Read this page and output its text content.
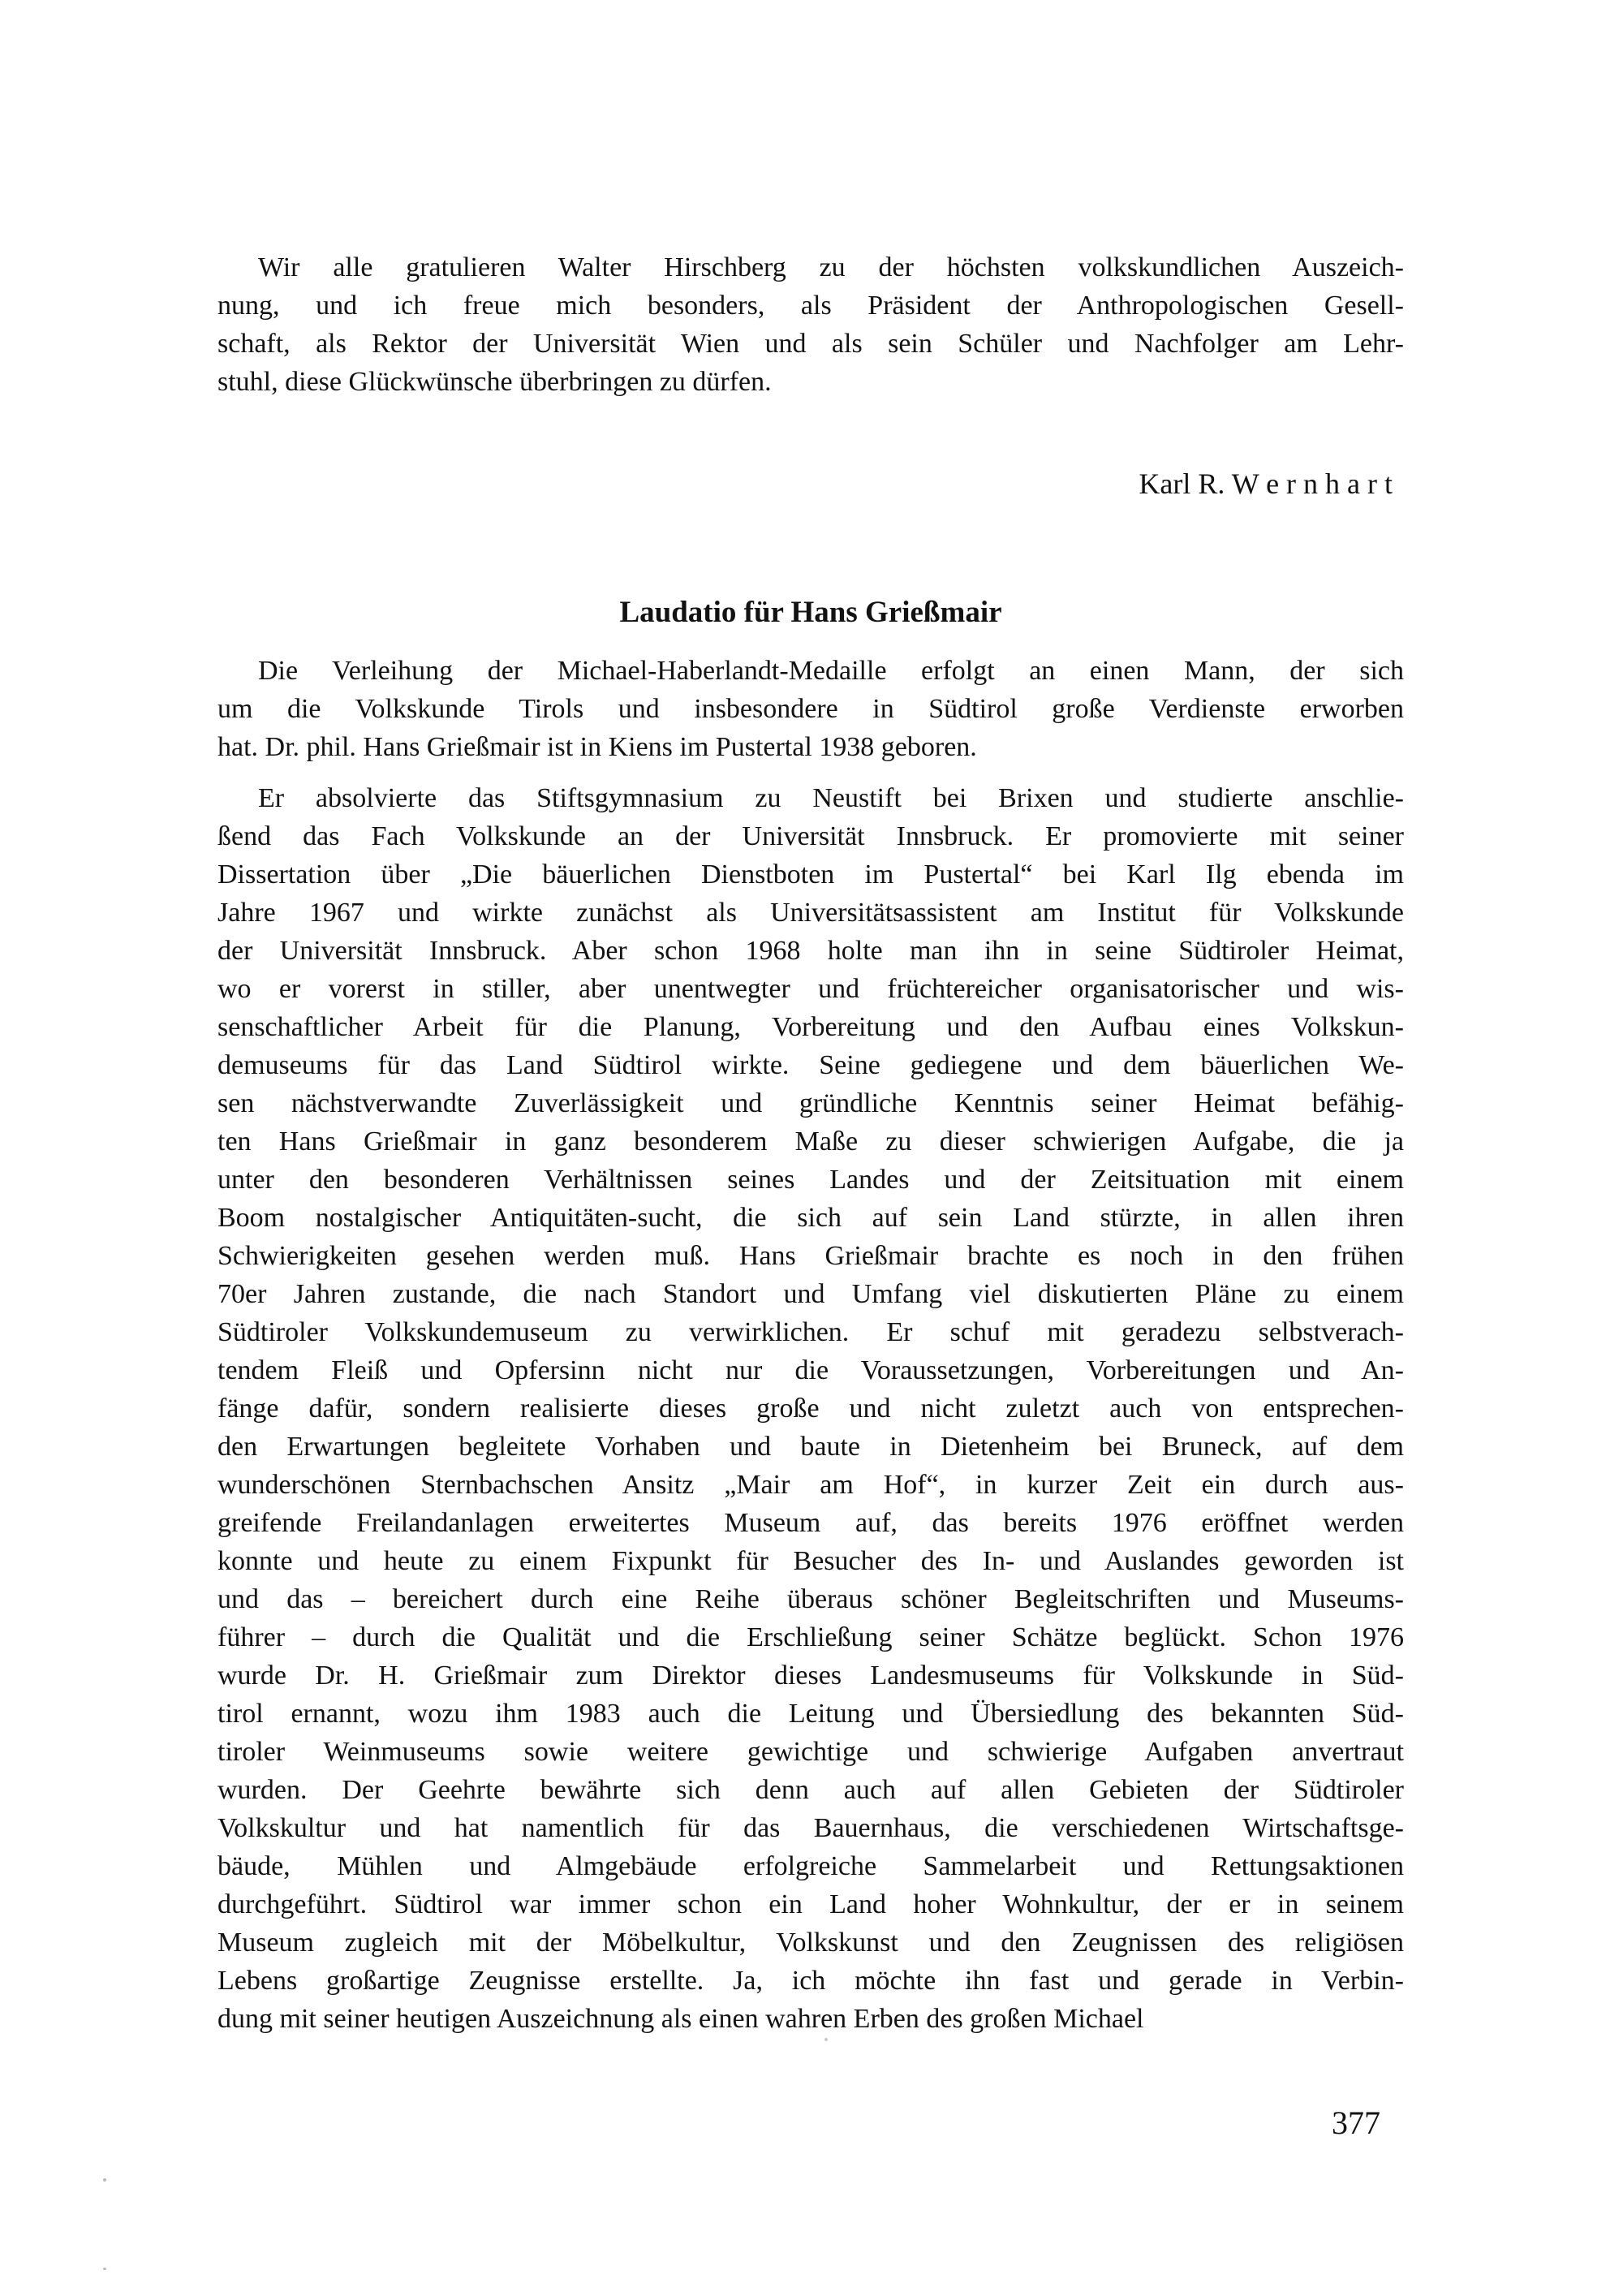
Wir alle gratulieren Walter Hirschberg zu der höchsten volkskundlichen Auszeich-
nung, und ich freue mich besonders, als Präsident der Anthropologischen Gesell-
schaft, als Rektor der Universität Wien und als sein Schüler und Nachfolger am Lehr-
stuhl, diese Glückwünsche überbringen zu dürfen.
Karl R. W e r n h a r t
Laudatio für Hans Grießmair
Die Verleihung der Michael-Haberlandt-Medaille erfolgt an einen Mann, der sich
um die Volkskunde Tirols und insbesondere in Südtirol große Verdienste erworben
hat. Dr. phil. Hans Grießmair ist in Kiens im Pustertal 1938 geboren.
Er absolvierte das Stiftsgymnasium zu Neustift bei Brixen und studierte anschlie-
ßend das Fach Volkskunde an der Universität Innsbruck. Er promovierte mit seiner
Dissertation über „Die bäuerlichen Dienstboten im Pustertal“ bei Karl Ilg ebenda im
Jahre 1967 und wirkte zunächst als Universitätsassistent am Institut für Volkskunde
der Universität Innsbruck. Aber schon 1968 holte man ihn in seine Südtiroler Heimat,
wo er vorerst in stiller, aber unentwegter und früchtereicher organisatorischer und wis-
senschaftlicher Arbeit für die Planung, Vorbereitung und den Aufbau eines Volkskun-
demuseums für das Land Südtirol wirkte. Seine gediegene und dem bäuerlichen We-
sen nächstverwandte Zuverlässigkeit und gründliche Kenntnis seiner Heimat befähig-
ten Hans Grießmair in ganz besonderem Maße zu dieser schwierigen Aufgabe, die ja
unter den besonderen Verhältnissen seines Landes und der Zeitsituation mit einem
Boom nostalgischer Antiquitäten-sucht, die sich auf sein Land stürzte, in allen ihren
Schwierigkeiten gesehen werden muß. Hans Grießmair brachte es noch in den frühen
70er Jahren zustande, die nach Standort und Umfang viel diskutierten Pläne zu einem
Südtiroler Volkskundemuseum zu verwirklichen. Er schuf mit geradezu selbstverach-
tendem Fleiß und Opfersinn nicht nur die Voraussetzungen, Vorbereitungen und An-
fänge dafür, sondern realisierte dieses große und nicht zuletzt auch von entsprechen-
den Erwartungen begleitete Vorhaben und baute in Dietenheim bei Bruneck, auf dem
wunderschönen Sternbachschen Ansitz „Mair am Hof“, in kurzer Zeit ein durch aus-
greifende Freilandanlagen erweitertes Museum auf, das bereits 1976 eröffnet werden
konnte und heute zu einem Fixpunkt für Besucher des In- und Auslandes geworden ist
und das – bereichert durch eine Reihe überaus schöner Begleitschriften und Museums-
führer – durch die Qualität und die Erschließung seiner Schätze beglückt. Schon 1976
wurde Dr. H. Grießmair zum Direktor dieses Landesmuseums für Volkskunde in Süd-
tirol ernannt, wozu ihm 1983 auch die Leitung und Übersiedlung des bekannten Süd-
tiroler Weinmuseums sowie weitere gewichtige und schwierige Aufgaben anvertraut
wurden. Der Geehrte bewährte sich denn auch auf allen Gebieten der Südtiroler
Volkskultur und hat namentlich für das Bauernhaus, die verschiedenen Wirtschaftsge-
bäude, Mühlen und Almgebäude erfolgreiche Sammelarbeit und Rettungsaktionen
durchgeführt. Südtirol war immer schon ein Land hoher Wohnkultur, der er in seinem
Museum zugleich mit der Möbelkultur, Volkskunst und den Zeugnissen des religiösen
Lebens großartige Zeugnisse erstellte. Ja, ich möchte ihn fast und gerade in Verbin-
dung mit seiner heutigen Auszeichnung als einen wahren Erben des großen Michael
377
